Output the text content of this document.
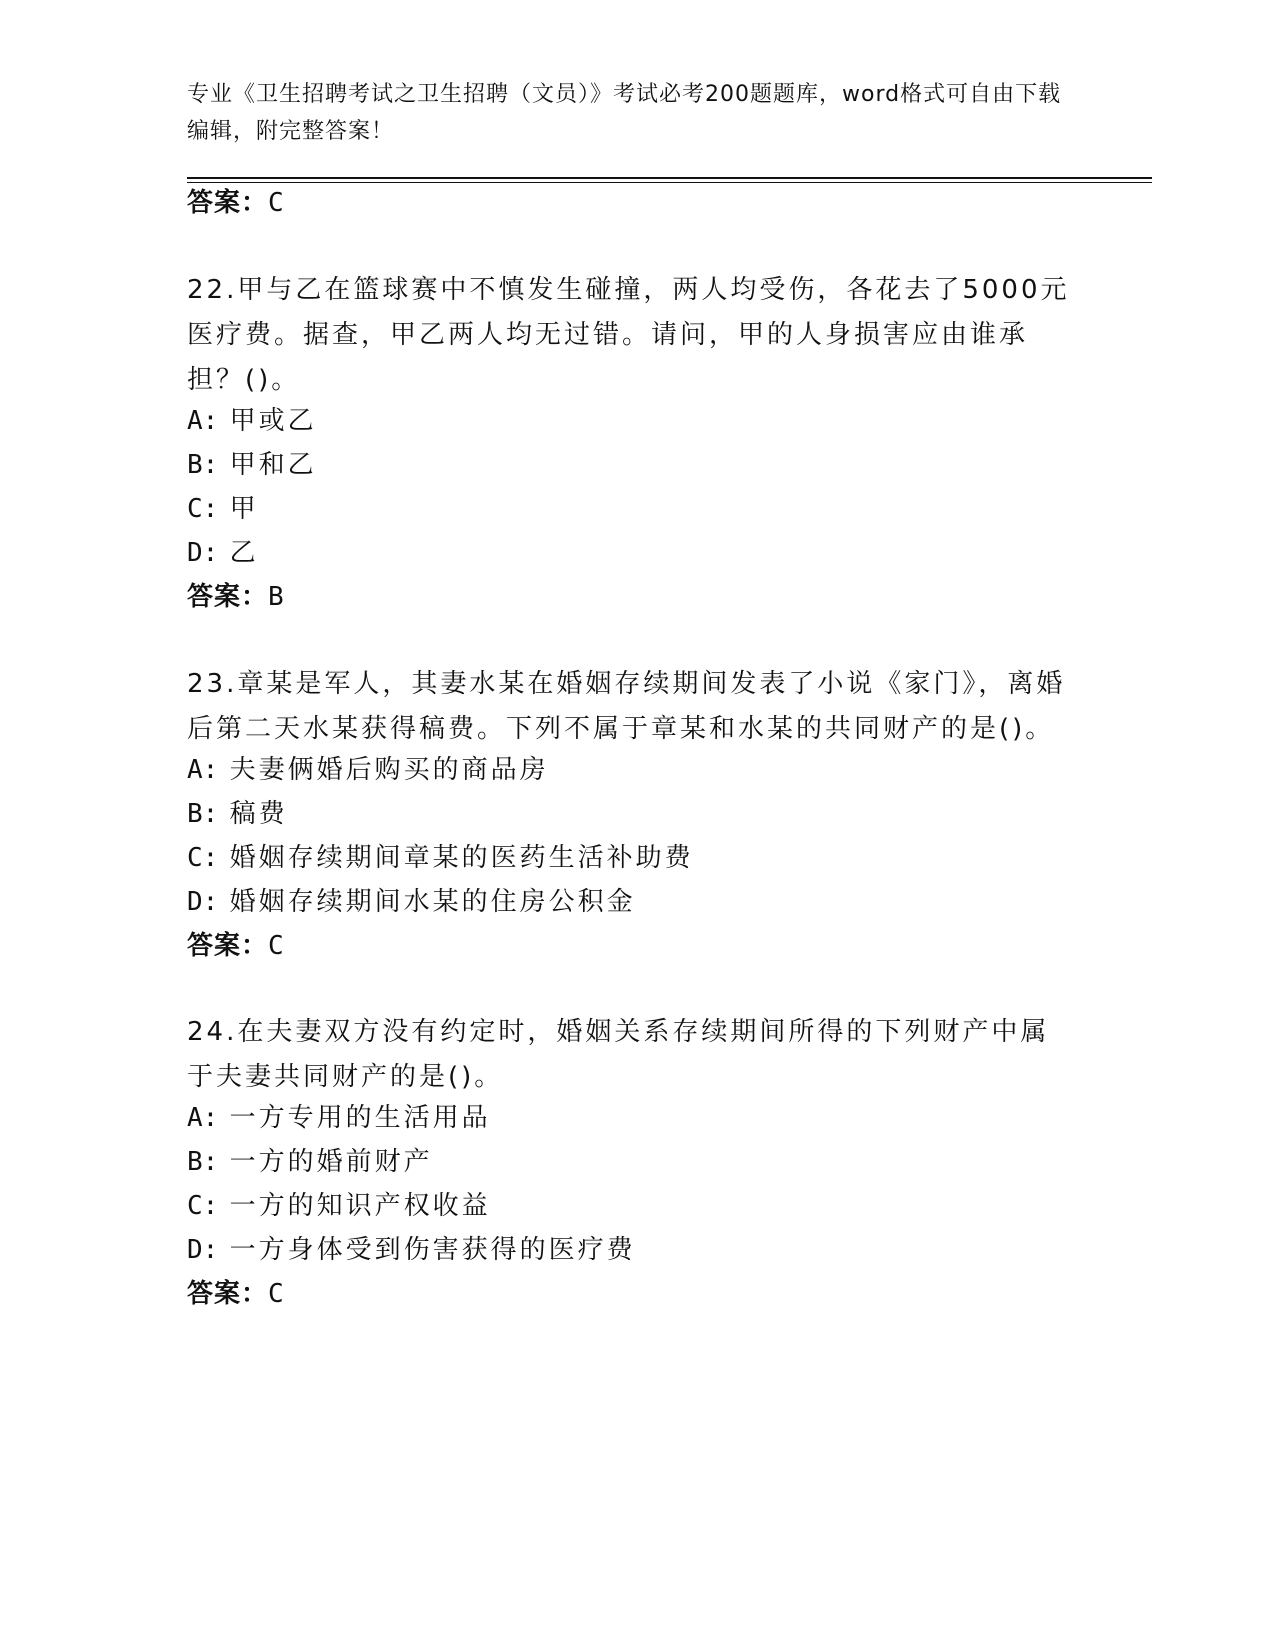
专业《卫生招聘考试之卫生招聘（文员）》考试必考200题题库，word格式可自由下载编辑，附完整答案！
答案：C
22.甲与乙在篮球赛中不慎发生碰撞，两人均受伤，各花去了5000元医疗费。据查，甲乙两人均无过错。请问，甲的人身损害应由谁承担？()。
A: 甲或乙
B: 甲和乙
C: 甲
D: 乙
答案：B
23.章某是军人，其妻水某在婚姻存续期间发表了小说《家门》，离婚后第二天水某获得稿费。下列不属于章某和水某的共同财产的是()。
A: 夫妻俩婚后购买的商品房
B: 稿费
C: 婚姻存续期间章某的医药生活补助费
D: 婚姻存续期间水某的住房公积金
答案：C
24.在夫妻双方没有约定时，婚姻关系存续期间所得的下列财产中属于夫妻共同财产的是()。
A: 一方专用的生活用品
B: 一方的婚前财产
C: 一方的知识产权收益
D: 一方身体受到伤害获得的医疗费
答案：C
